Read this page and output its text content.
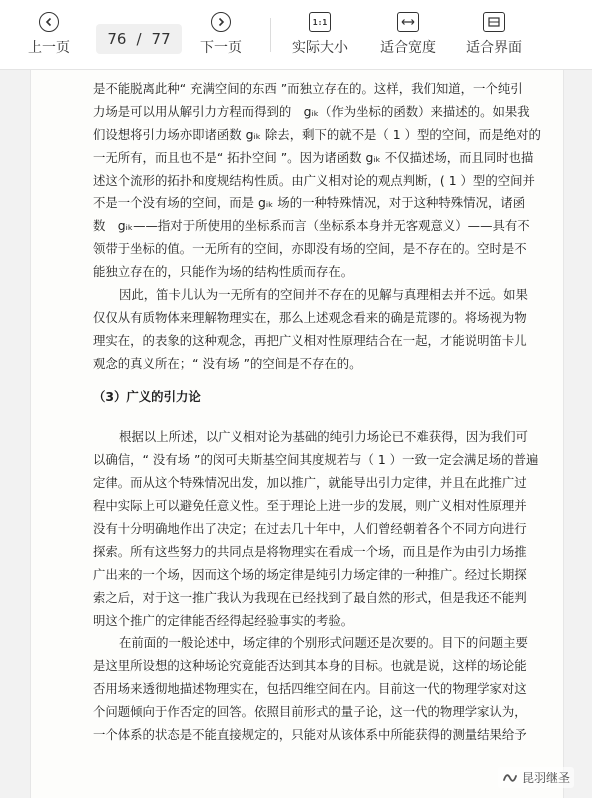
上一页 76 / 77 下一页
1:1
实际大小 适合宽度 适合界面
是不能脱离此种“ 充满空间的东西 ”而独立存在的。这样，我们知道，一个纯引
力场是可以用从解引力方程而得到的　gᵢₖ（作为坐标的函数）来描述的。如果我
们设想将引力场亦即诸函数 gᵢₖ 除去，剩下的就不是（ 1 ）型的空间，而是绝对的
一无所有，而且也不是“ 拓扑空间 ”。因为诸函数 gᵢₖ 不仅描述场，而且同时也描
述这个流形的拓扑和度规结构性质。由广义相对论的观点判断，( 1 ）型的空间并
不是一个没有场的空间，而是 gᵢₖ 场的一种特殊情况，对于这种特殊情况，诸函
数　gᵢₖ——指对于所使用的坐标系而言（坐标系本身并无客观意义）——具有不
领带于坐标的值。一无所有的空间，亦即没有场的空间，是不存在的。空时是不
能独立存在的，只能作为场的结构性质而存在。
因此，笛卡儿认为一无所有的空间并不存在的见解与真理相去并不远。如果
仅仅从有质物体来理解物理实在，那么上述观念看来的确是荒谬的。将场视为物
理实在，的表象的这种观念，再把广义相对性原理结合在一起，才能说明笛卡儿
观念的真义所在；“ 没有场 ”的空间是不存在的。
（3）广义的引力论
根据以上所述，以广义相对论为基础的纯引力场论已不难获得，因为我们可
以确信，“ 没有场 ”的闵可夫斯基空间其度规若与（ 1 ）一致一定会满足场的普遍
定律。而从这个特殊情况出发，加以推广，就能导出引力定律，并且在此推广过
程中实际上可以避免任意义性。至于理论上进一步的发展，则广义相对性原理并
没有十分明确地作出了决定；在过去几十年中，人们曾经朝着各个不同方向进行
探索。所有这些努力的共同点是将物理实在看成一个场，而且是作为由引力场推
广出来的一个场，因而这个场的场定律是纯引力场定律的一种推广。经过长期探
索之后，对于这一推广我认为我现在已经找到了最自然的形式，但是我还不能判
明这个推广的定律能否经得起经验事实的考验。
在前面的一般论述中，场定律的个别形式问题还是次要的。目下的问题主要
是这里所设想的这种场论究竟能否达到其本身的目标。也就是说，这样的场论能
否用场来透彻地描述物理实在，包括四维空间在内。目前这一代的物理学家对这
个问题倾向于作否定的回答。依照目前形式的量子论，这一代的物理学家认为，
一个体系的状态是不能直接规定的，只能对从该体系中所能获得的测量结果给予
昆羽继圣
